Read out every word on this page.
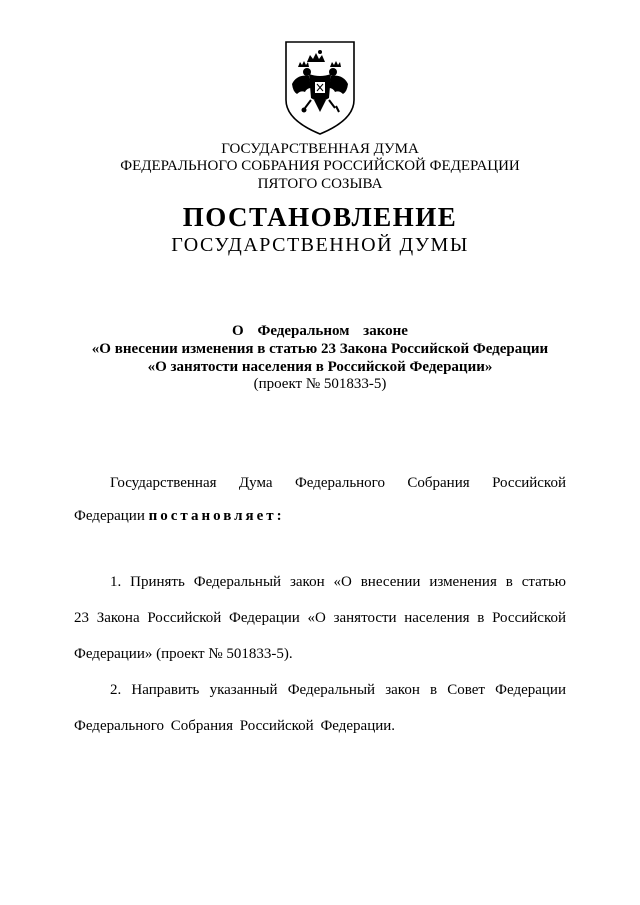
ГОСУДАРСТВЕННАЯ ДУМА
ФЕДЕРАЛЬНОГО СОБРАНИЯ РОССИЙСКОЙ ФЕДЕРАЦИИ
ПЯТОГО СОЗЫВА
ПОСТАНОВЛЕНИЕ
ГОСУДАРСТВЕННОЙ ДУМЫ
О Федеральном законе
«О внесении изменения в статью 23 Закона Российской Федерации
«О занятости населения в Российской Федерации»
(проект № 501833-5)
Государственная Дума Федерального Собрания Российской
Федерации постановляет:
1. Принять Федеральный закон «О внесении изменения в статью
23 Закона Российской Федерации «О занятости населения в Российской
Федерации» (проект № 501833-5).
2. Направить указанный Федеральный закон в Совет Федерации
Федерального Собрания Российской Федерации.
